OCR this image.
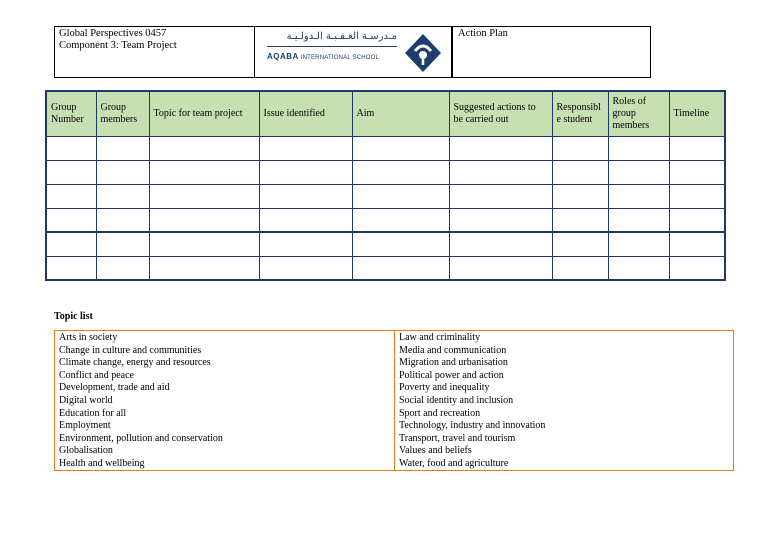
Global Perspectives 0457
Component 3: Team Project
مـدرسـة العـقـبـة الـدولـيـة
AQABA INTERNATIONAL SCHOOL
Action Plan
Group Number	Group members	Topic for team project	Issue identified	Aim	Suggested actions to be carried out	Responsible student	Roles of group members	Timeline

Topic list
Arts in society
Change in culture and communities
Climate change, energy and resources
Conflict and peace
Development, trade and aid
Digital world
Education for all
Employment
Environment, pollution and conservation
Globalisation
Health and wellbeing
Law and criminality
Media and communication
Migration and urbanisation
Political power and action
Poverty and inequality
Social identity and inclusion
Sport and recreation
Technology, industry and innovation
Transport, travel and tourism
Values and beliefs
Water, food and agriculture
